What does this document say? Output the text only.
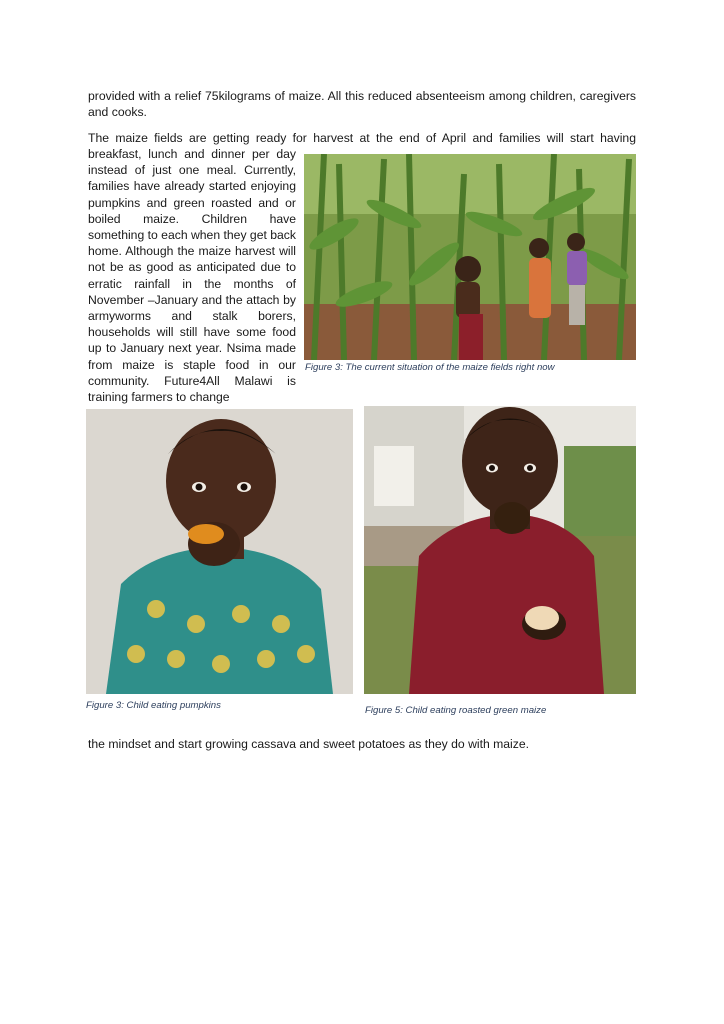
provided with a relief 75kilograms of maize. All this reduced absenteeism among children, caregivers and cooks.

The maize fields are getting ready for harvest at the end of April and families will start having

breakfast, lunch and dinner per day instead of just one meal. Currently, families have already started enjoying pumpkins and green roasted and or boiled maize. Children have something to each when they get back home. Although the maize harvest will not be as good as anticipated due to erratic rainfall in the months of November –January and the attach by armyworms and stalk borers, households will still have some food up to January next year. Nsima made from maize is staple food in our community. Future4All Malawi is training farmers to change

Figure 3: The current situation of the maize fields right now
Figure 3: Child eating pumpkins	Figure 5: Child eating roasted green maize

the mindset and start growing cassava and sweet potatoes as they do with maize.
